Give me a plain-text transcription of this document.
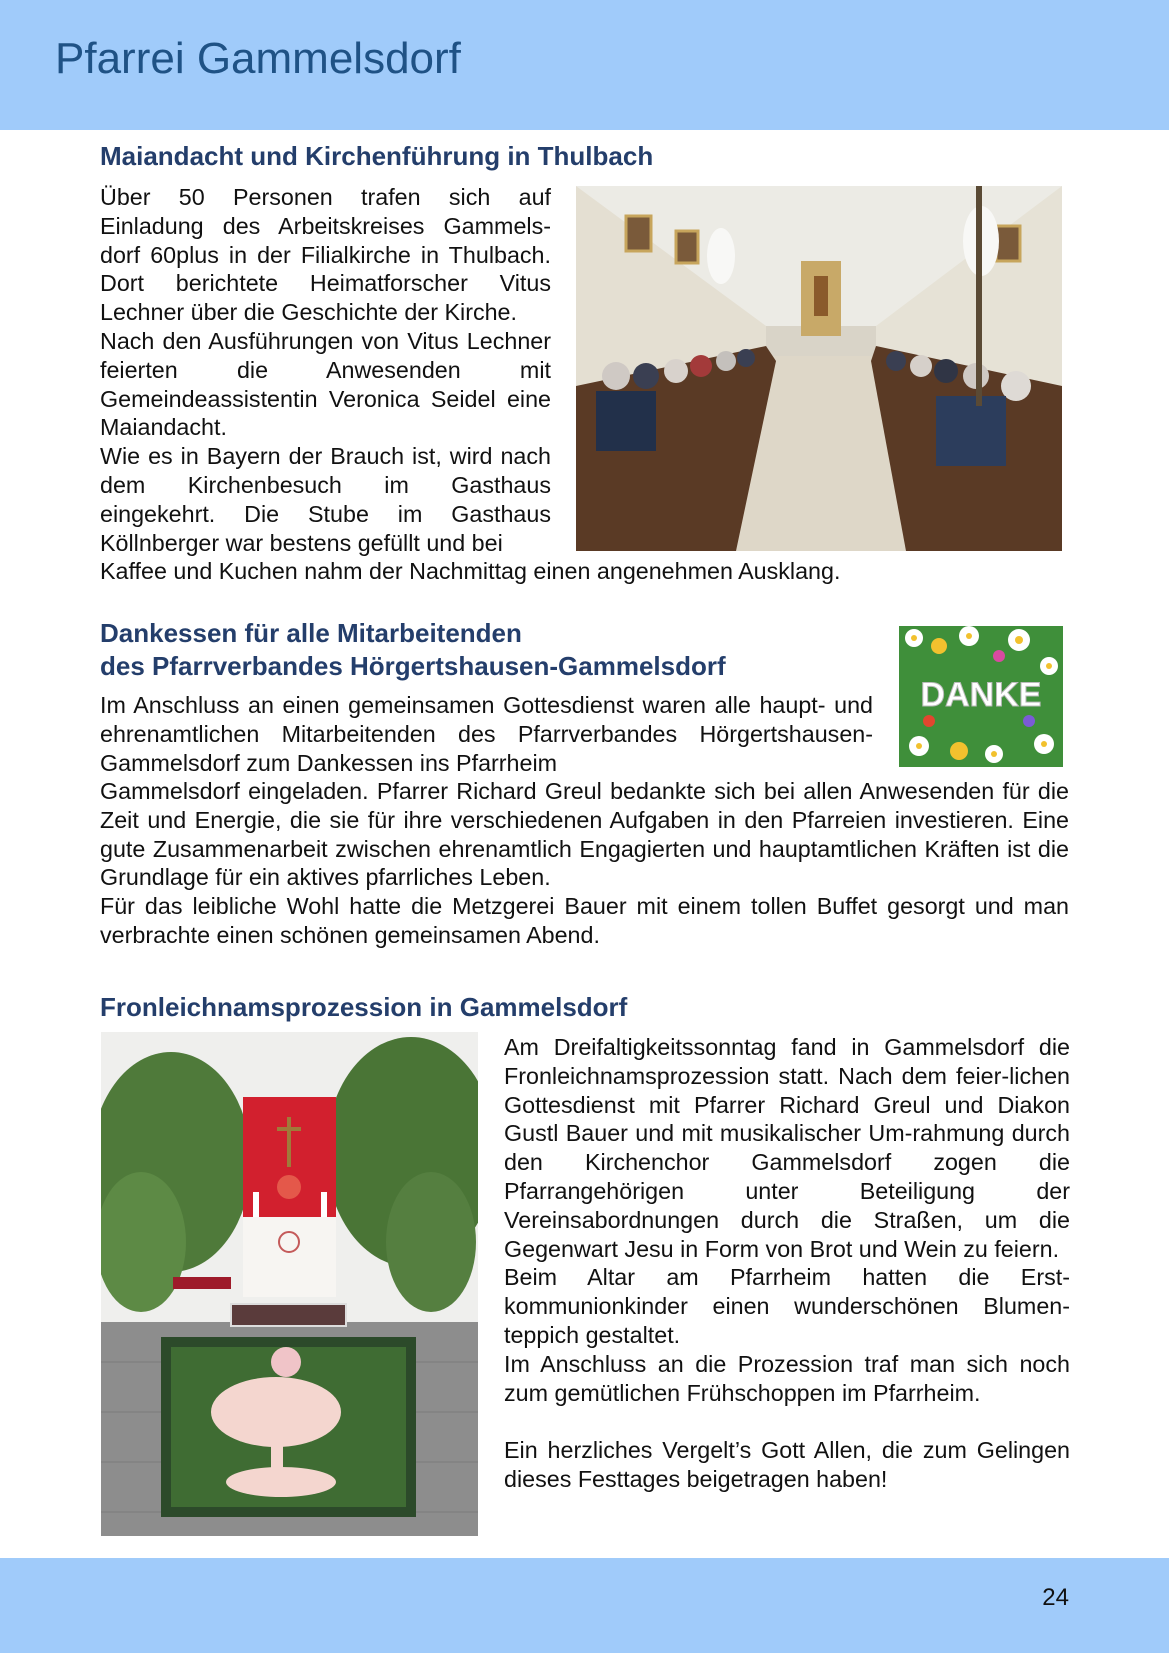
Pfarrei Gammelsdorf
Maiandacht und Kirchenführung in Thulbach

Über 50 Personen trafen sich auf Einladung des Arbeitskreises Gammels-dorf 60plus in der Filialkirche in Thulbach. Dort berichtete Heimatforscher Vitus Lechner über die Geschichte der Kirche.

Nach den Ausführungen von Vitus Lechner feierten die Anwesenden mit Gemeindeassistentin Veronica Seidel eine Maiandacht.

Wie es in Bayern der Brauch ist, wird nach dem Kirchenbesuch im Gasthaus eingekehrt. Die Stube im Gasthaus Köllnberger war bestens gefüllt und bei

Kaffee und Kuchen nahm der Nachmittag einen angenehmen Ausklang.

Dankessen für alle Mitarbeitenden
des Pfarrverbandes Hörgertshausen-Gammelsdorf
DANKE

Im Anschluss an einen gemeinsamen Gottesdienst waren alle haupt- und ehrenamtlichen Mitarbeitenden des Pfarrverbandes Hörgertshausen-Gammelsdorf zum Dankessen ins Pfarrheim

Gammelsdorf eingeladen. Pfarrer Richard Greul bedankte sich bei allen Anwesenden für die Zeit und Energie, die sie für ihre verschiedenen Aufgaben in den Pfarreien investieren. Eine gute Zusammenarbeit zwischen ehrenamtlich Engagierten und hauptamtlichen Kräften ist die Grundlage für ein aktives pfarrliches Leben.

Für das leibliche Wohl hatte die Metzgerei Bauer mit einem tollen Buffet gesorgt und man verbrachte einen schönen gemeinsamen Abend.

Fronleichnamsprozession in Gammelsdorf

Am Dreifaltigkeitssonntag fand in Gammelsdorf die Fronleichnamsprozession statt. Nach dem feier-lichen Gottesdienst mit Pfarrer Richard Greul und Diakon Gustl Bauer und mit musikalischer Um-rahmung durch den Kirchenchor Gammelsdorf zogen die Pfarrangehörigen unter Beteiligung der Vereinsabordnungen durch die Straßen, um die Gegenwart Jesu in Form von Brot und Wein zu feiern.

Beim Altar am Pfarrheim hatten die Erst-kommunionkinder einen wunderschönen Blumen-teppich gestaltet.

Im Anschluss an die Prozession traf man sich noch zum gemütlichen Frühschoppen im Pfarrheim.

Ein herzliches Vergelt’s Gott Allen, die zum Gelingen dieses Festtages beigetragen haben!

24
